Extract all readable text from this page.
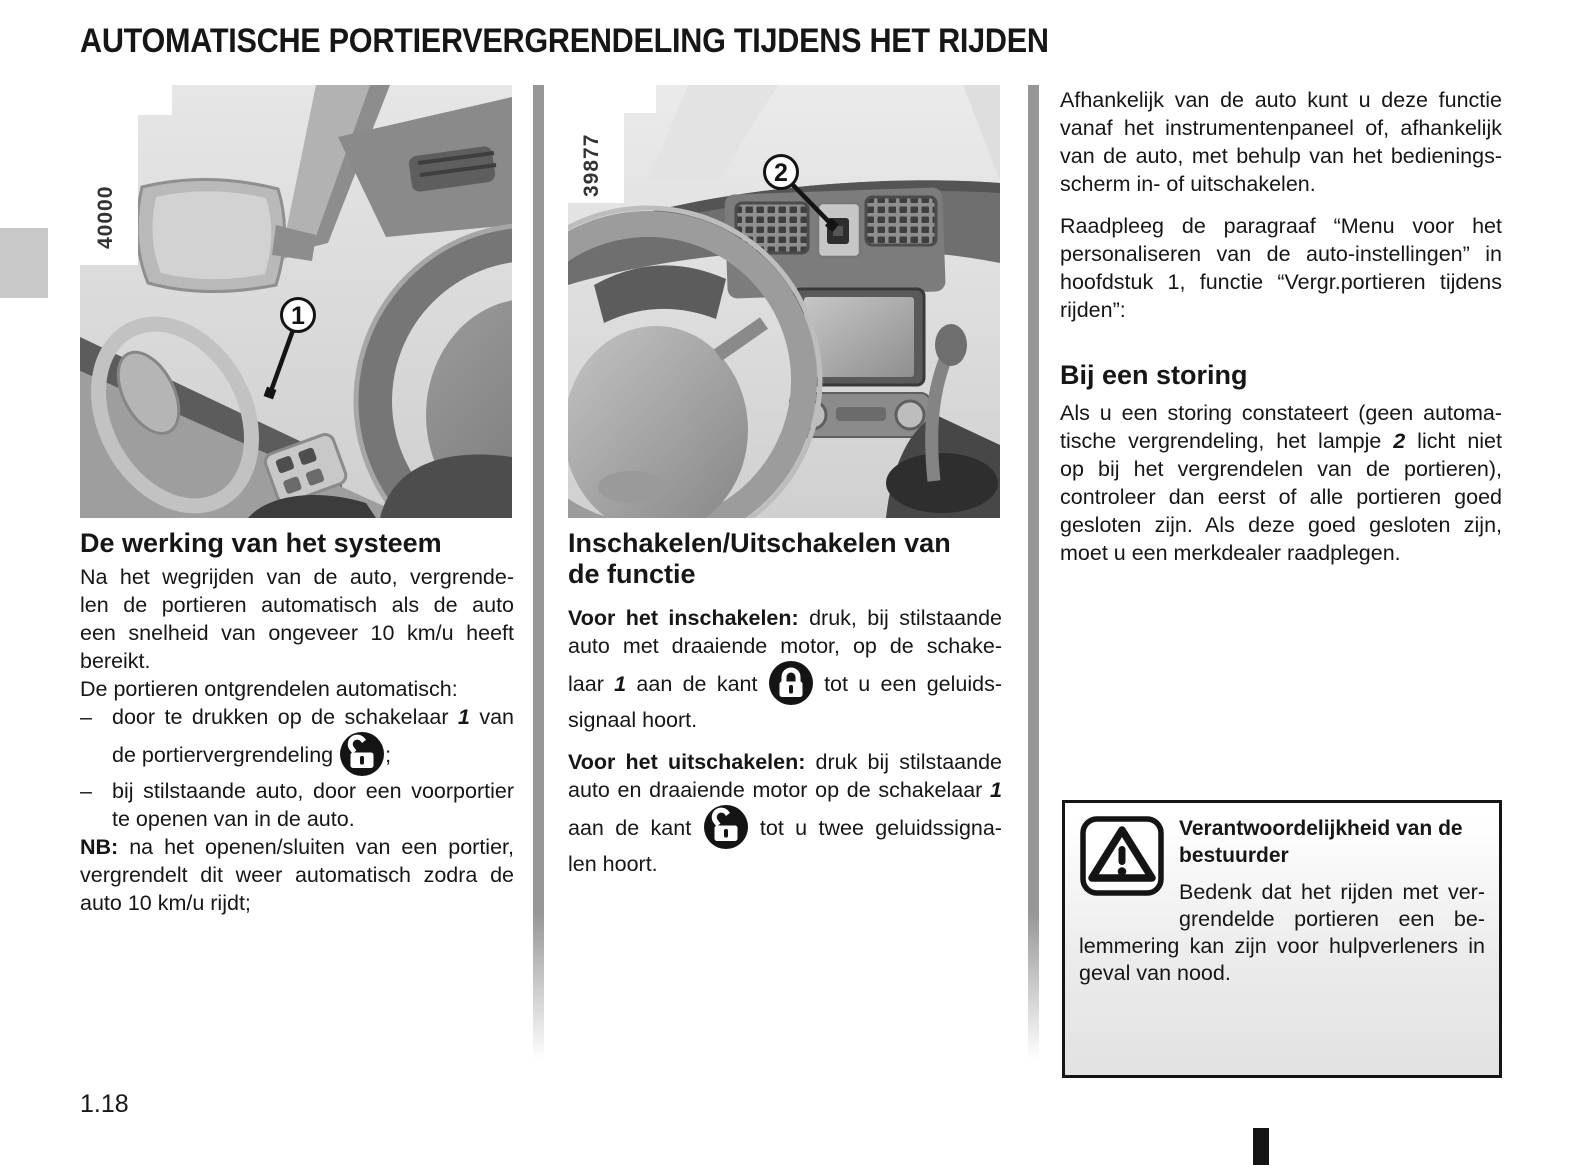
AUTOMATISCHE PORTIERVERGRENDELING TIJDENS HET RIJDEN
40000
1
39877	2
De werking van het systeem
Na het wegrijden van de auto, vergrende-
len de portieren automatisch als de auto
een snelheid van ongeveer 10 km/u heeft
bereikt.
De portieren ontgrendelen automatisch:
– door te drukken op de schakelaar 1 van
de portiervergrendeling ;
– bij stilstaande auto, door een voorportier
te openen van in de auto.
NB: na het openen/sluiten van een portier,
vergrendelt dit weer automatisch zodra de
auto 10 km/u rijdt;
Inschakelen/Uitschakelen van
de functie
Voor het inschakelen: druk, bij stilstaande
auto met draaiende motor, op de schake-
laar 1 aan de kant  tot u een geluids-
signaal hoort.
Voor het uitschakelen: druk bij stilstaande
auto en draaiende motor op de schakelaar 1
aan de kant  tot u twee geluidssigna-
len hoort.
Afhankelijk van de auto kunt u deze functie
vanaf het instrumentenpaneel of, afhankelijk
van de auto, met behulp van het bedienings-
scherm in- of uitschakelen.
Raadpleeg de paragraaf “Menu voor het
personaliseren van de auto-instellingen” in
hoofdstuk 1, functie “Vergr.portieren tijdens
rijden”:
Bij een storing
Als u een storing constateert (geen automa-
tische vergrendeling, het lampje 2 licht niet
op bij het vergrendelen van de portieren),
controleer dan eerst of alle portieren goed
gesloten zijn. Als deze goed gesloten zijn,
moet u een merkdealer raadplegen.
Verantwoordelijkheid van de bestuurder
Bedenk dat het rijden met ver-
grendelde portieren een be-
lemmering kan zijn voor hulpverleners in
geval van nood.
1.18
